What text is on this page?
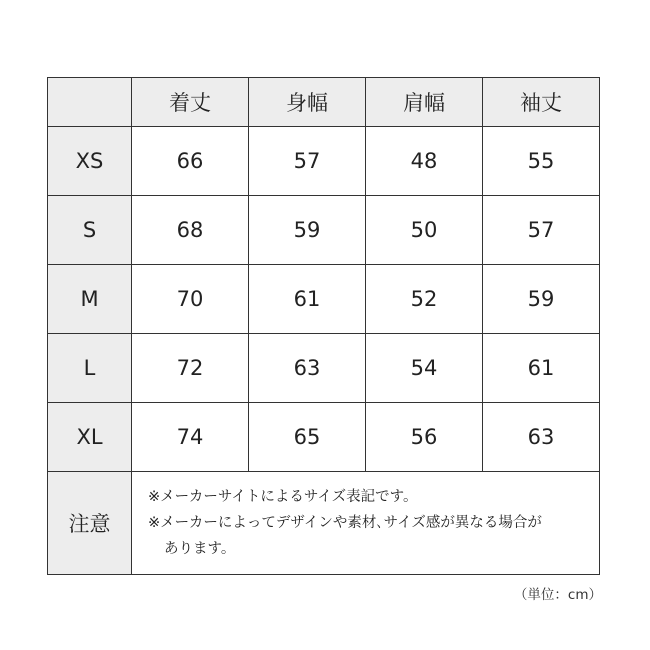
	着丈	身幅	肩幅	袖丈
XS	66	57	48	55
S	68	59	50	57
M	70	61	52	59
L	72	63	54	61
XL	74	65	56	63
注意	※メーカーサイトによるサイズ表記です。
※メーカーによってデザインや素材､サイズ感が異なる場合が
あります。			
（単位：cm）
